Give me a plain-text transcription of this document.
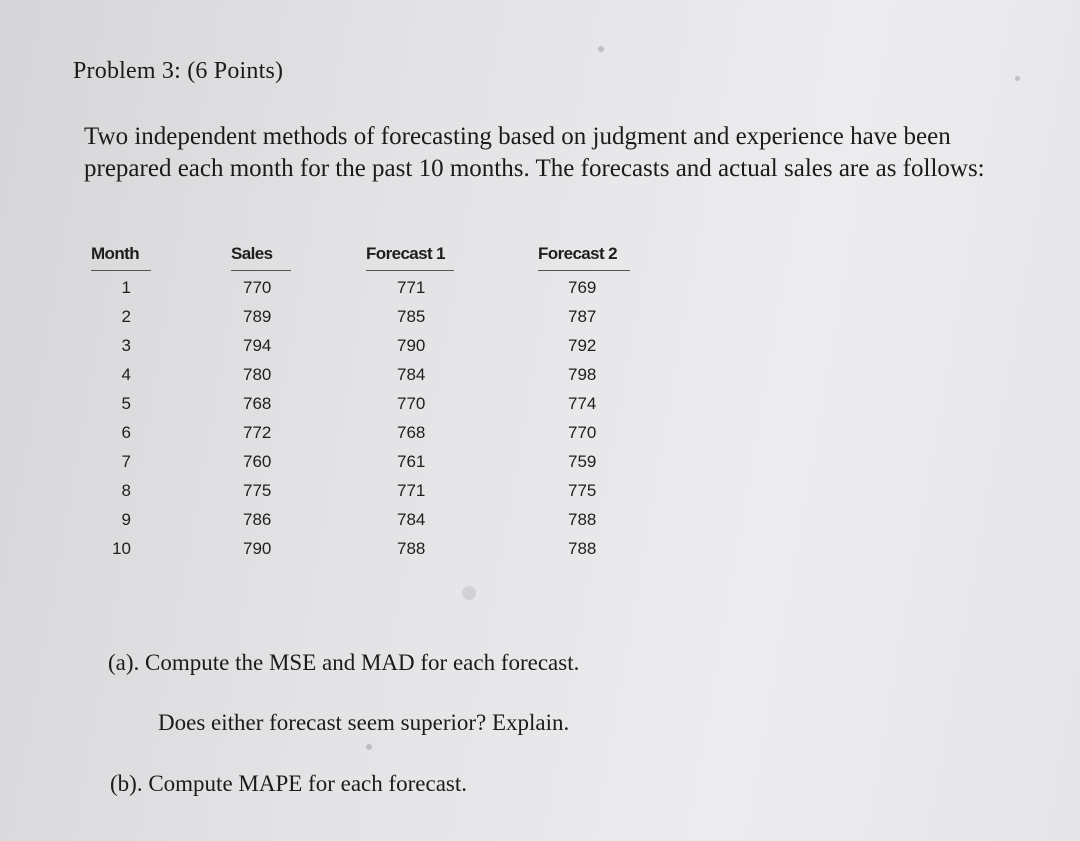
Problem 3: (6 Points)
Two independent methods of forecasting based on judgment and experience have been prepared each month for the past 10 months. The forecasts and actual sales are as follows:
Month
1
2
3
4
5
6
7
8
9
10
Sales
770
789
794
780
768
772
760
775
786
790
Forecast 1
771
785
790
784
770
768
761
771
784
788
Forecast 2
769
787
792
798
774
770
759
775
788
788
(a). Compute the MSE and MAD for each forecast.
Does either forecast seem superior? Explain.
(b). Compute MAPE for each forecast.
